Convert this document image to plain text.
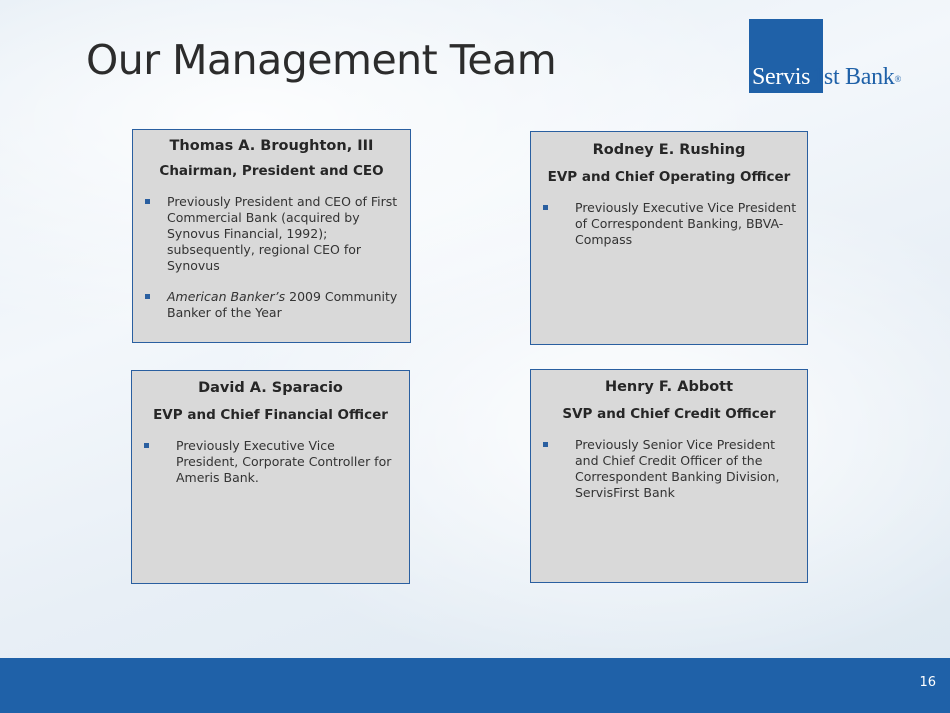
Our Management Team	Servis1st Bank®
Thomas A. Broughton, III
Chairman, President and CEO
Previously President and CEO of First Commercial Bank (acquired by Synovus Financial, 1992); subsequently, regional CEO for Synovus
American Banker’s 2009 Community Banker of the Year
Rodney E. Rushing
EVP and Chief Operating Officer
Previously Executive Vice President of Correspondent Banking, BBVA-Compass
David A. Sparacio
EVP and Chief Financial Officer
Previously Executive Vice President, Corporate Controller for Ameris Bank.
Henry F. Abbott
SVP and Chief Credit Officer
Previously Senior Vice President and Chief Credit Officer of the Correspondent Banking Division, ServisFirst Bank
16
